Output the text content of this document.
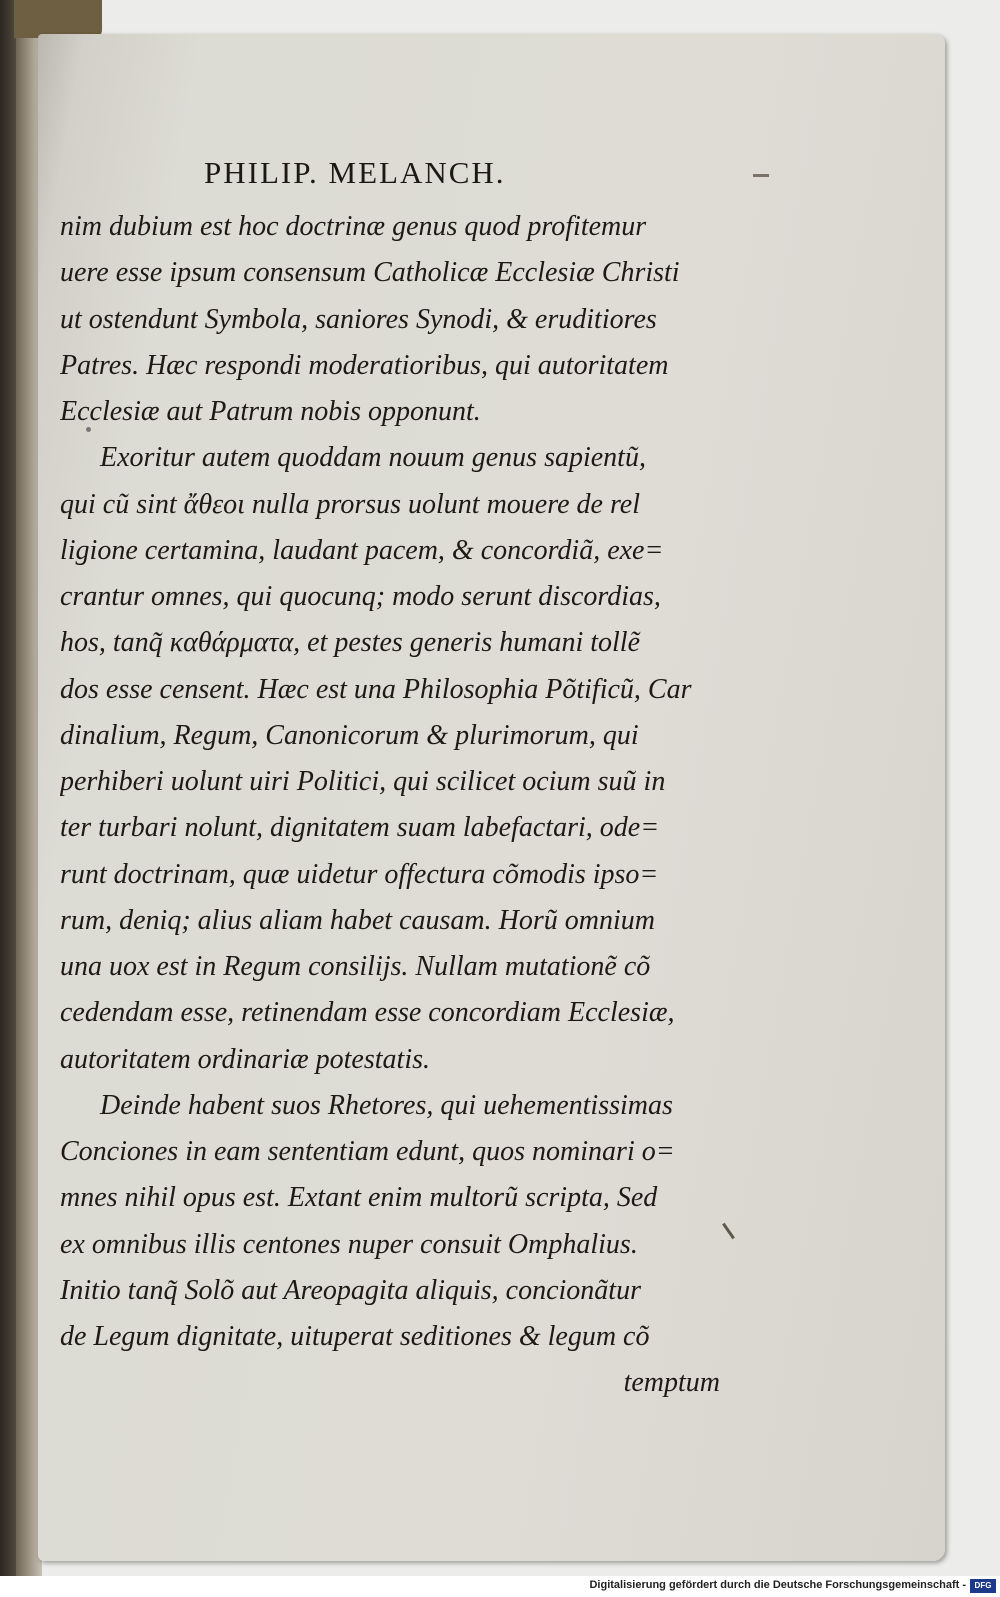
PHILIP. MELANCH.
nim dubium est hoc doctrinæ genus quod profitemur
uere esse ipsum consensum Catholicæ Ecclesiæ Christi
ut ostendunt Symbola, saniores Synodi, & eruditiores
Patres. Hæc respondi moderatioribus, qui autoritatem
Ecclesiæ aut Patrum nobis opponunt.
Exoritur autem quoddam nouum genus sapientũ,
qui cũ sint ἄθεοι nulla prorsus uolunt mouere de rel
ligione certamina, laudant pacem, & concordiã, exe=
crantur omnes, qui quocunq; modo serunt discordias,
hos, tanq̃ καθάρματα, et pestes generis humani tollẽ
dos esse censent. Hæc est una Philosophia Põtificũ, Car
dinalium, Regum, Canonicorum & plurimorum, qui
perhiberi uolunt uiri Politici, qui scilicet ocium suũ in
ter turbari nolunt, dignitatem suam labefactari, ode=
runt doctrinam, quæ uidetur offectura cõmodis ipso=
rum, deniq; alius aliam habet causam. Horũ omnium
una uox est in Regum consilijs. Nullam mutationẽ cõ
cedendam esse, retinendam esse concordiam Ecclesiæ,
autoritatem ordinariæ potestatis.
Deinde habent suos Rhetores, qui uehementissimas
Conciones in eam sententiam edunt, quos nominari o=
mnes nihil opus est. Extant enim multorũ scripta, Sed
ex omnibus illis centones nuper consuit Omphalius.
Initio tanq̃ Solõ aut Areopagita aliquis, concionãtur
de Legum dignitate, uituperat seditiones & legum cõ
temptum
Digitalisierung gefördert durch die Deutsche Forschungsgemeinschaft -	DFG
